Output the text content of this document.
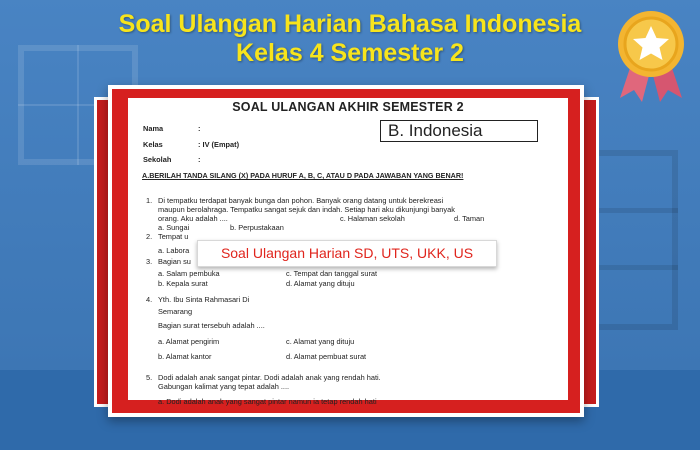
Soal Ulangan Harian Bahasa Indonesia
Kelas 4 Semester 2
SOAL ULANGAN AKHIR SEMESTER 2
B. Indonesia
Nama	:
Kelas	: IV (Empat)
Sekolah	:
A.BERILAH TANDA SILANG (X) PADA HURUF A, B, C, ATAU D PADA JAWABAN YANG BENAR!
1. Di tempatku terdapat banyak bunga dan pohon. Banyak orang datang untuk berekreasi
maupun berolahraga. Tempatku sangat sejuk dan indah. Setiap hari aku dikunjungi banyak
orang. Aku adalah ....	c. Halaman sekolah	d. Taman
a. Sungai	b. Perpustakaan
2. Tempat u
a. Labora
3. Bagian su
a. Salam pembuka	c. Tempat dan tanggal surat
b. Kepala surat	d. Alamat yang dituju
4. Yth. Ibu Sinta Rahmasari Di
Semarang
Bagian surat tersebuh adalah ....
a. Alamat pengirim	c. Alamat yang dituju
b. Alamat kantor	d. Alamat pembuat surat
5. Dodi adalah anak sangat pintar. Dodi adalah anak yang rendah hati.
Gabungan kalimat yang tepat adalah ....
a. Dodi adalah anak yang sangat pintar namun ia tetap rendah hati
Soal Ulangan Harian SD, UTS, UKK, US
